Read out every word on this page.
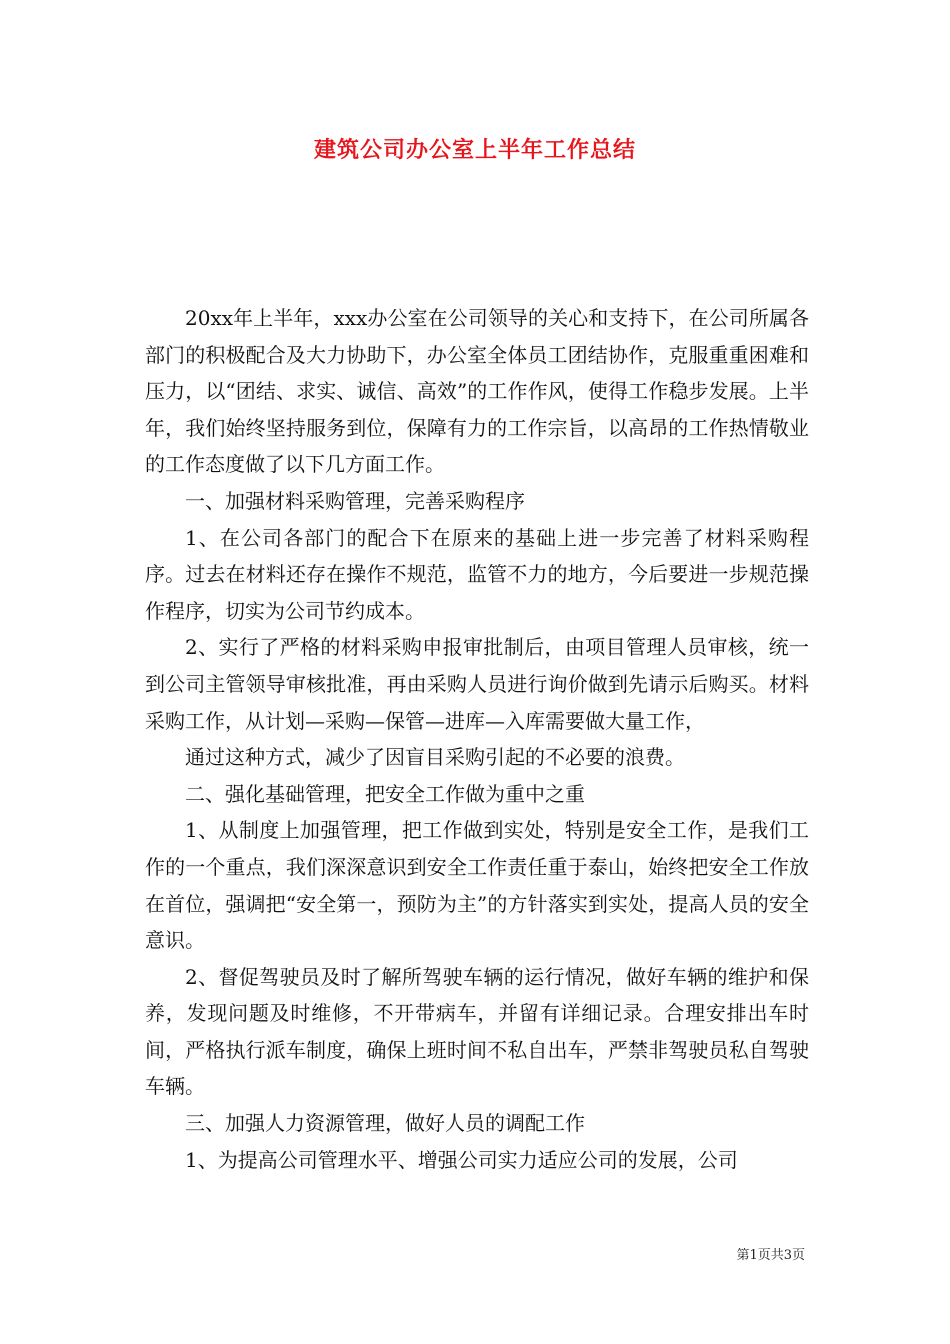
建筑公司办公室上半年工作总结

20xx年上半年，xxx办公室在公司领导的关心和支持下，在公司所属各部门的积极配合及大力协助下，办公室全体员工团结协作，克服重重困难和压力，以“团结、求实、诚信、高效”的工作作风，使得工作稳步发展。上半年，我们始终坚持服务到位，保障有力的工作宗旨，以高昂的工作热情敬业的工作态度做了以下几方面工作。

一、加强材料采购管理，完善采购程序

1、在公司各部门的配合下在原来的基础上进一步完善了材料采购程序。过去在材料还存在操作不规范，监管不力的地方，今后要进一步规范操作程序，切实为公司节约成本。

2、实行了严格的材料采购申报审批制后，由项目管理人员审核，统一到公司主管领导审核批准，再由采购人员进行询价做到先请示后购买。材料采购工作，从计划—采购—保管—进库—入库需要做大量工作，

通过这种方式，减少了因盲目采购引起的不必要的浪费。

二、强化基础管理，把安全工作做为重中之重

1、从制度上加强管理，把工作做到实处，特别是安全工作，是我们工作的一个重点，我们深深意识到安全工作责任重于泰山，始终把安全工作放在首位，强调把“安全第一，预防为主”的方针落实到实处，提高人员的安全意识。

2、督促驾驶员及时了解所驾驶车辆的运行情况，做好车辆的维护和保养，发现问题及时维修，不开带病车，并留有详细记录。合理安排出车时间，严格执行派车制度，确保上班时间不私自出车，严禁非驾驶员私自驾驶车辆。

三、加强人力资源管理，做好人员的调配工作

1、为提高公司管理水平、增强公司实力适应公司的发展，公司

第1页共3页
